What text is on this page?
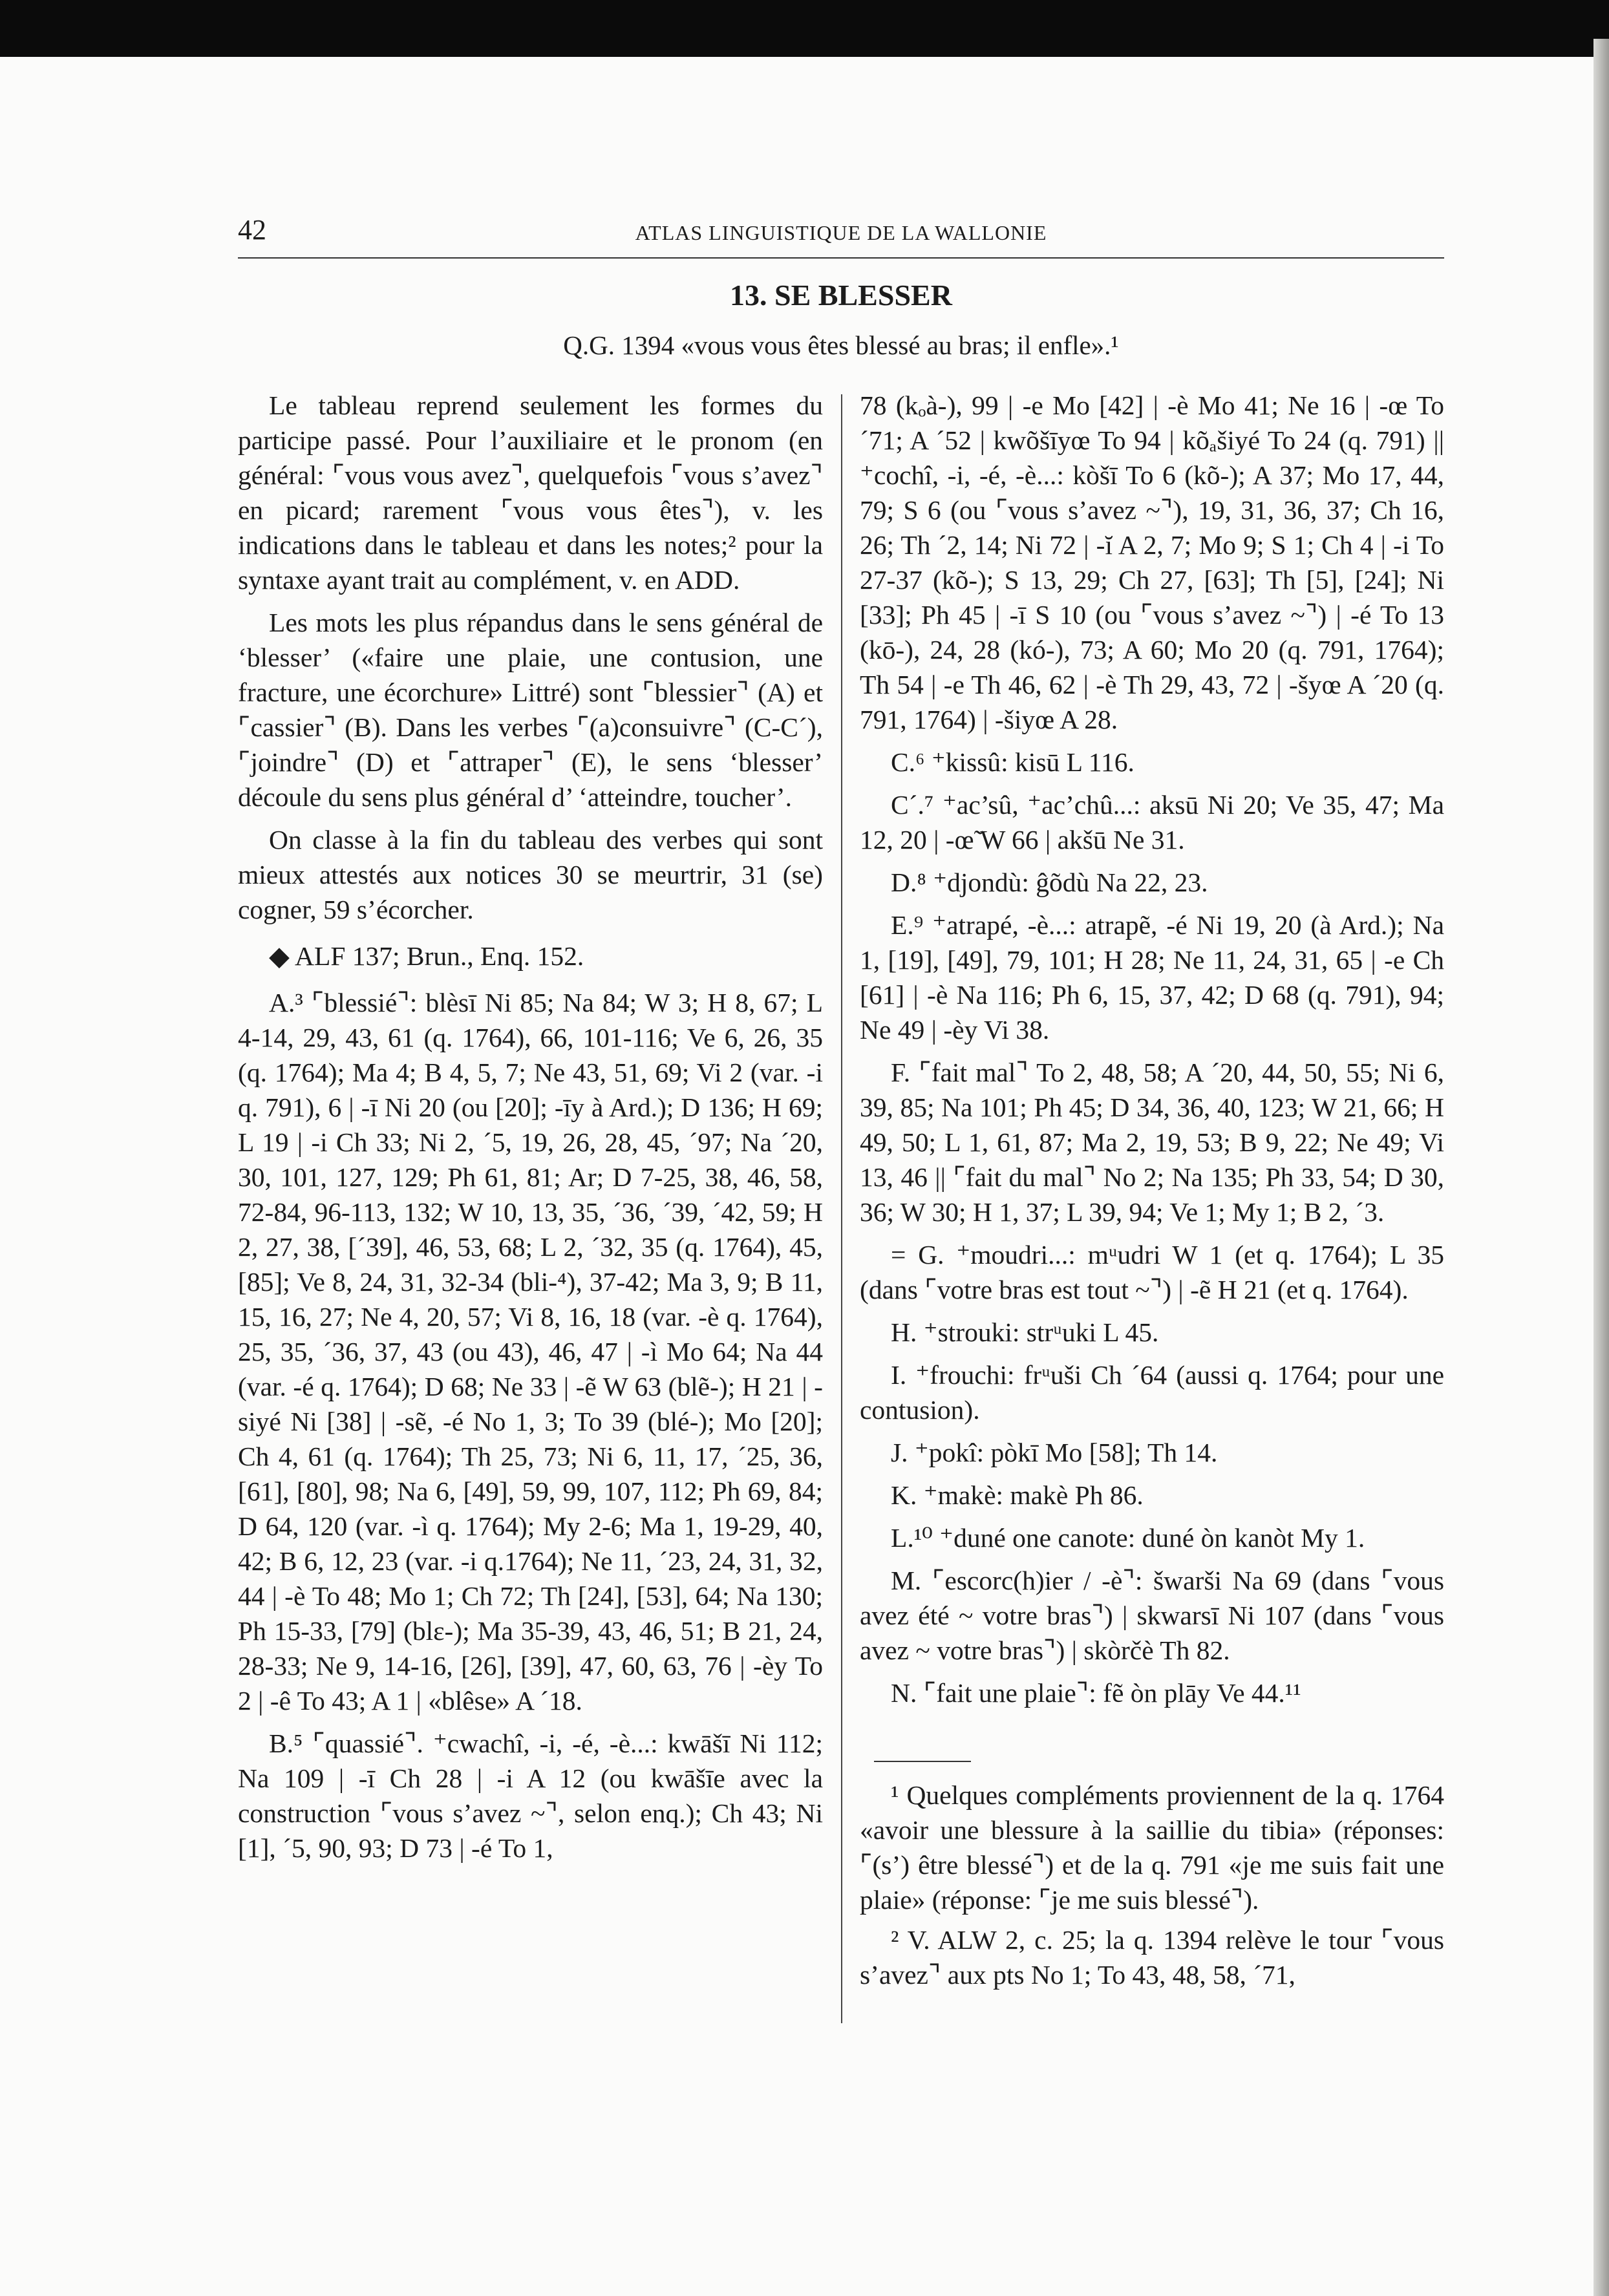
42	ATLAS LINGUISTIQUE DE LA WALLONIE
13. SE BLESSER
Q.G. 1394 «vous vous êtes blessé au bras; il enfle».¹

Le tableau reprend seulement les formes du participe passé. Pour l’auxiliaire et le pronom (en général: ⌜vous vous avez⌝, quelquefois ⌜vous s’avez⌝ en picard; rarement ⌜vous vous êtes⌝), v. les indications dans le tableau et dans les notes;² pour la syntaxe ayant trait au complément, v. en ADD.

Les mots les plus répandus dans le sens général de ‘blesser’ («faire une plaie, une contusion, une fracture, une écorchure» Littré) sont ⌜blessier⌝ (A) et ⌜cassier⌝ (B). Dans les verbes ⌜(a)consuivre⌝ (C-C´), ⌜joindre⌝ (D) et ⌜attraper⌝ (E), le sens ‘blesser’ découle du sens plus général d’ ‘atteindre, toucher’.

On classe à la fin du tableau des verbes qui sont mieux attestés aux notices 30 se meurtrir, 31 (se) cogner, 59 s’écorcher.

◆ ALF 137; Brun., Enq. 152.

A.³ ⌜blessié⌝: blèsī Ni 85; Na 84; W 3; H 8, 67; L 4-14, 29, 43, 61 (q. 1764), 66, 101-116; Ve 6, 26, 35 (q. 1764); Ma 4; B 4, 5, 7; Ne 43, 51, 69; Vi 2 (var. -i q. 791), 6 | -ī Ni 20 (ou [20]; -īy à Ard.); D 136; H 69; L 19 | -i Ch 33; Ni 2, ´5, 19, 26, 28, 45, ´97; Na ´20, 30, 101, 127, 129; Ph 61, 81; Ar; D 7-25, 38, 46, 58, 72-84, 96-113, 132; W 10, 13, 35, ´36, ´39, ´42, 59; H 2, 27, 38, [´39], 46, 53, 68; L 2, ´32, 35 (q. 1764), 45, [85]; Ve 8, 24, 31, 32-34 (bli-⁴), 37-42; Ma 3, 9; B 11, 15, 16, 27; Ne 4, 20, 57; Vi 8, 16, 18 (var. -è q. 1764), 25, 35, ´36, 37, 43 (ou 43), 46, 47 | -ì Mo 64; Na 44 (var. -é q. 1764); D 68; Ne 33 | -ẽ W 63 (blẽ-); H 21 | -siyé Ni [38] | -sẽ, -é No 1, 3; To 39 (blé-); Mo [20]; Ch 4, 61 (q. 1764); Th 25, 73; Ni 6, 11, 17, ´25, 36, [61], [80], 98; Na 6, [49], 59, 99, 107, 112; Ph 69, 84; D 64, 120 (var. -ì q. 1764); My 2-6; Ma 1, 19-29, 40, 42; B 6, 12, 23 (var. -i q.1764); Ne 11, ´23, 24, 31, 32, 44 | -è To 48; Mo 1; Ch 72; Th [24], [53], 64; Na 130; Ph 15-33, [79] (blɛ-); Ma 35-39, 43, 46, 51; B 21, 24, 28-33; Ne 9, 14-16, [26], [39], 47, 60, 63, 76 | -èy To 2 | -ê To 43; A 1 | «blêse» A ´18.

B.⁵ ⌜quassié⌝. ⁺cwachî, -i, -é, -è...: kwāšī Ni 112; Na 109 | -ī Ch 28 | -i A 12 (ou kwāšīe avec la construction ⌜vous s’avez ~⌝, selon enq.); Ch 43; Ni [1], ´5, 90, 93; D 73 | -é To 1,

78 (kₒà-), 99 | -e Mo [42] | -è Mo 41; Ne 16 | -œ To ´71; A ´52 | kwõšīyœ To 94 | kõₐšiyé To 24 (q. 791) || ⁺cochî, -i, -é, -è...: kòšī To 6 (kõ-); A 37; Mo 17, 44, 79; S 6 (ou ⌜vous s’avez ~⌝), 19, 31, 36, 37; Ch 16, 26; Th ´2, 14; Ni 72 | -ĭ A 2, 7; Mo 9; S 1; Ch 4 | -i To 27-37 (kõ-); S 13, 29; Ch 27, [63]; Th [5], [24]; Ni [33]; Ph 45 | -ī S 10 (ou ⌜vous s’avez ~⌝) | -é To 13 (kō-), 24, 28 (kó-), 73; A 60; Mo 20 (q. 791, 1764); Th 54 | -e Th 46, 62 | -è Th 29, 43, 72 | -šyœ A ´20 (q. 791, 1764) | -šiyœ A 28.

C.⁶ ⁺kissû: kisū L 116.

C´.⁷ ⁺ac’sû, ⁺ac’chû...: aksū Ni 20; Ve 35, 47; Ma 12, 20 | -œ̃ W 66 | akšū Ne 31.

D.⁸ ⁺djondù: ĝõdù Na 22, 23.

E.⁹ ⁺atrapé, -è...: atrapẽ, -é Ni 19, 20 (à Ard.); Na 1, [19], [49], 79, 101; H 28; Ne 11, 24, 31, 65 | -e Ch [61] | -è Na 116; Ph 6, 15, 37, 42; D 68 (q. 791), 94; Ne 49 | -èy Vi 38.

F. ⌜fait mal⌝ To 2, 48, 58; A ´20, 44, 50, 55; Ni 6, 39, 85; Na 101; Ph 45; D 34, 36, 40, 123; W 21, 66; H 49, 50; L 1, 61, 87; Ma 2, 19, 53; B 9, 22; Ne 49; Vi 13, 46 || ⌜fait du mal⌝ No 2; Na 135; Ph 33, 54; D 30, 36; W 30; H 1, 37; L 39, 94; Ve 1; My 1; B 2, ´3.

= G. ⁺moudri...: mᵘudri W 1 (et q. 1764); L 35 (dans ⌜votre bras est tout ~⌝) | -ẽ H 21 (et q. 1764).

H. ⁺strouki: strᵘuki L 45.

I. ⁺frouchi: frᵘuši Ch ´64 (aussi q. 1764; pour une contusion).

J. ⁺pokî: pòkī Mo [58]; Th 14.

K. ⁺makè: makè Ph 86.

L.¹⁰ ⁺duné one canote: duné òn kanòt My 1.

M. ⌜escorc(h)ier / -è⌝: šwarši Na 69 (dans ⌜vous avez été ~ votre bras⌝) | skwarsī Ni 107 (dans ⌜vous avez ~ votre bras⌝) | skòrčè Th 82.

N. ⌜fait une plaie⌝: fẽ òn plāy Ve 44.¹¹

¹ Quelques compléments proviennent de la q. 1764 «avoir une blessure à la saillie du tibia» (réponses: ⌜(s’) être blessé⌝) et de la q. 791 «je me suis fait une plaie» (réponse: ⌜je me suis blessé⌝).
² V. ALW 2, c. 25; la q. 1394 relève le tour ⌜vous s’avez⌝ aux pts No 1; To 43, 48, 58, ´71,
